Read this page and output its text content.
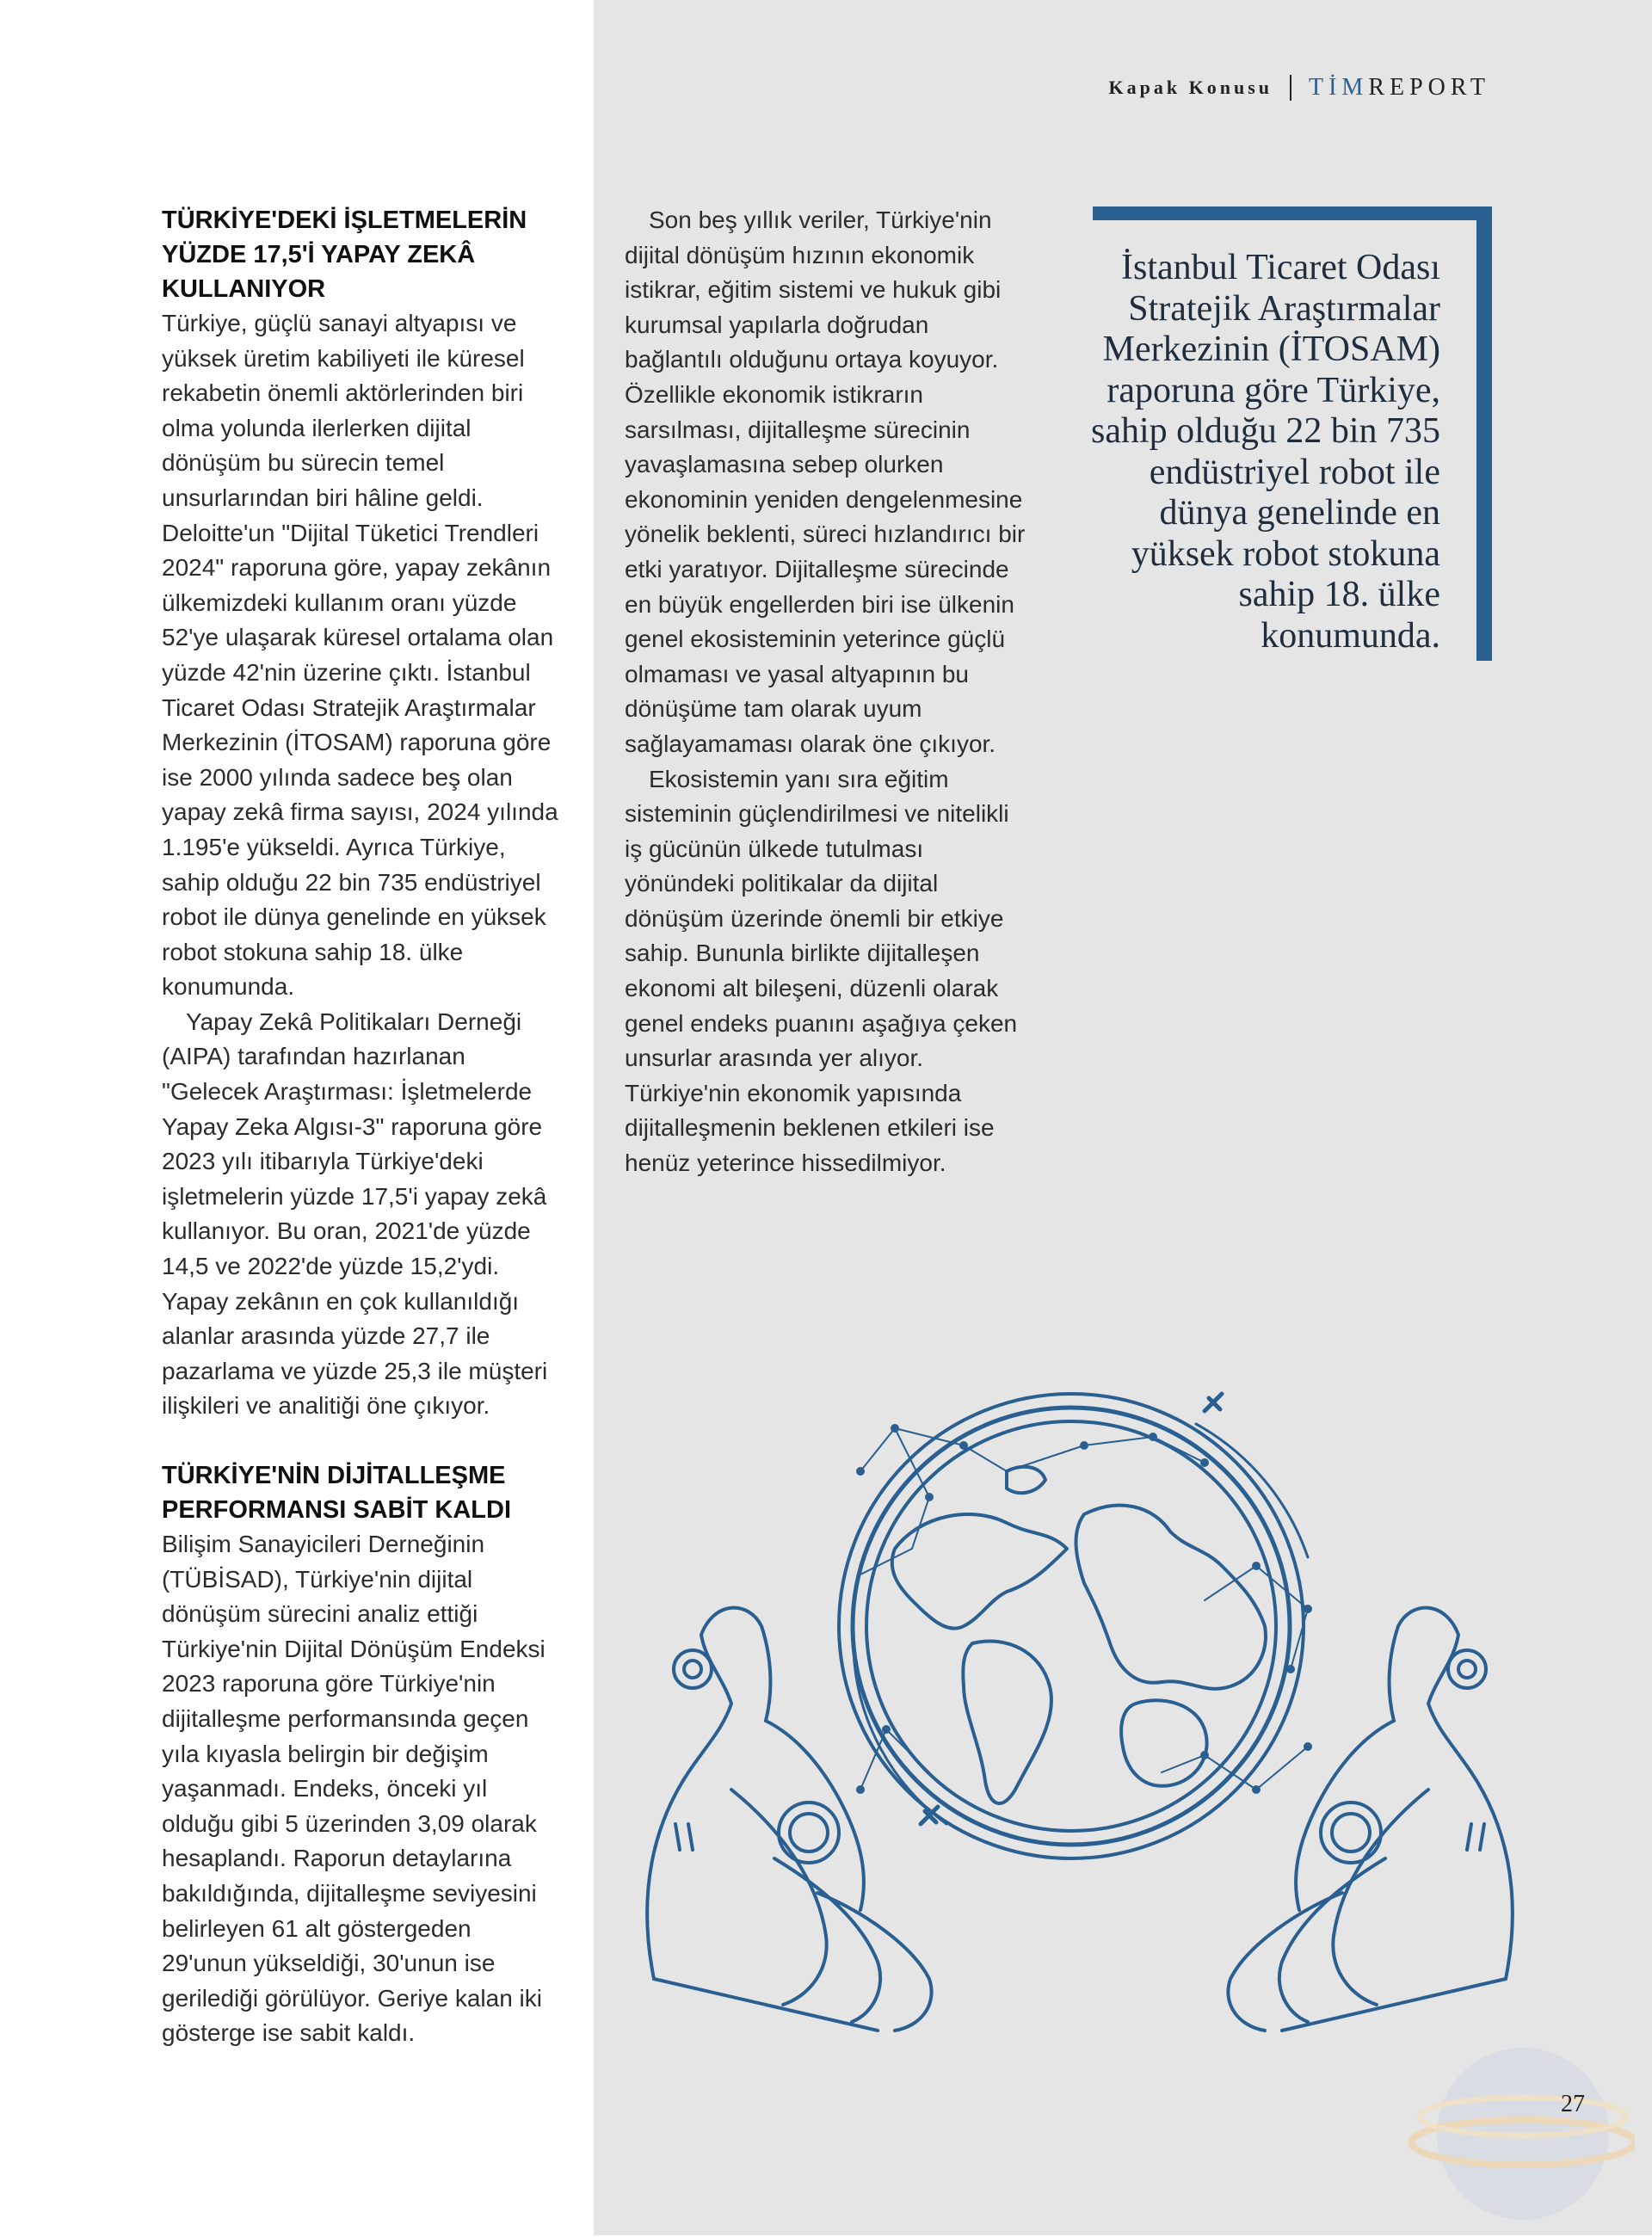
Kapak Konusu TİMREPORT
TÜRKİYE'DEKİ İŞLETMELERİN
YÜZDE 17,5'İ YAPAY ZEKÂ
KULLANIYOR

Türkiye, güçlü sanayi altyapısı ve yüksek üretim kabiliyeti ile küresel rekabetin önemli aktörlerinden biri olma yolunda ilerlerken dijital dönüşüm bu sürecin temel unsurlarından biri hâline geldi. Deloitte'un "Dijital Tüketici Trendleri 2024" raporuna göre, yapay zekânın ülkemizdeki kullanım oranı yüzde 52'ye ulaşarak küresel ortalama olan yüzde 42'nin üzerine çıktı. İstanbul Ticaret Odası Stratejik Araştırmalar Merkezinin (İTOSAM) raporuna göre ise 2000 yılında sadece beş olan yapay zekâ firma sayısı, 2024 yılında 1.195'e yükseldi. Ayrıca Türkiye, sahip olduğu 22 bin 735 endüstriyel robot ile dünya genelinde en yüksek robot stokuna sahip 18. ülke konumunda.

Yapay Zekâ Politikaları Derneği (AIPA) tarafından hazırlanan "Gelecek Araştırması: İşletmelerde Yapay Zeka Algısı-3" raporuna göre 2023 yılı itibarıyla Türkiye'deki işletmelerin yüzde 17,5'i yapay zekâ kullanıyor. Bu oran, 2021'de yüzde 14,5 ve 2022'de yüzde 15,2'ydi. Yapay zekânın en çok kullanıldığı alanlar arasında yüzde 27,7 ile pazarlama ve yüzde 25,3 ile müşteri ilişkileri ve analitiği öne çıkıyor.

TÜRKİYE'NİN DİJİTALLEŞME
PERFORMANSI SABİT KALDI

Bilişim Sanayicileri Derneğinin (TÜBİSAD), Türkiye'nin dijital dönüşüm sürecini analiz ettiği Türkiye'nin Dijital Dönüşüm Endeksi 2023 raporuna göre Türkiye'nin dijitalleşme performansında geçen yıla kıyasla belirgin bir değişim yaşanmadı. Endeks, önceki yıl olduğu gibi 5 üzerinden 3,09 olarak hesaplandı. Raporun detaylarına bakıldığında, dijitalleşme seviyesini belirleyen 61 alt göstergeden 29'unun yükseldiği, 30'unun ise gerilediği görülüyor. Geriye kalan iki gösterge ise sabit kaldı.

Son beş yıllık veriler, Türkiye'nin dijital dönüşüm hızının ekonomik istikrar, eğitim sistemi ve hukuk gibi kurumsal yapılarla doğrudan bağlantılı olduğunu ortaya koyuyor. Özellikle ekonomik istikrarın sarsılması, dijitalleşme sürecinin yavaşlamasına sebep olurken ekonominin yeniden dengelenmesine yönelik beklenti, süreci hızlandırıcı bir etki yaratıyor. Dijitalleşme sürecinde en büyük engellerden biri ise ülkenin genel ekosisteminin yeterince güçlü olmaması ve yasal altyapının bu dönüşüme tam olarak uyum sağlayamaması olarak öne çıkıyor.

Ekosistemin yanı sıra eğitim sisteminin güçlendirilmesi ve nitelikli iş gücünün ülkede tutulması yönündeki politikalar da dijital dönüşüm üzerinde önemli bir etkiye sahip. Bununla birlikte dijitalleşen ekonomi alt bileşeni, düzenli olarak genel endeks puanını aşağıya çeken unsurlar arasında yer alıyor. Türkiye'nin ekonomik yapısında dijitalleşmenin beklenen etkileri ise henüz yeterince hissedilmiyor.

İstanbul Ticaret Odası Stratejik Araştırmalar Merkezinin (İTOSAM) raporuna göre Türkiye, sahip olduğu 22 bin 735 endüstriyel robot ile dünya genelinde en yüksek robot stokuna sahip 18. ülke konumunda.
27
